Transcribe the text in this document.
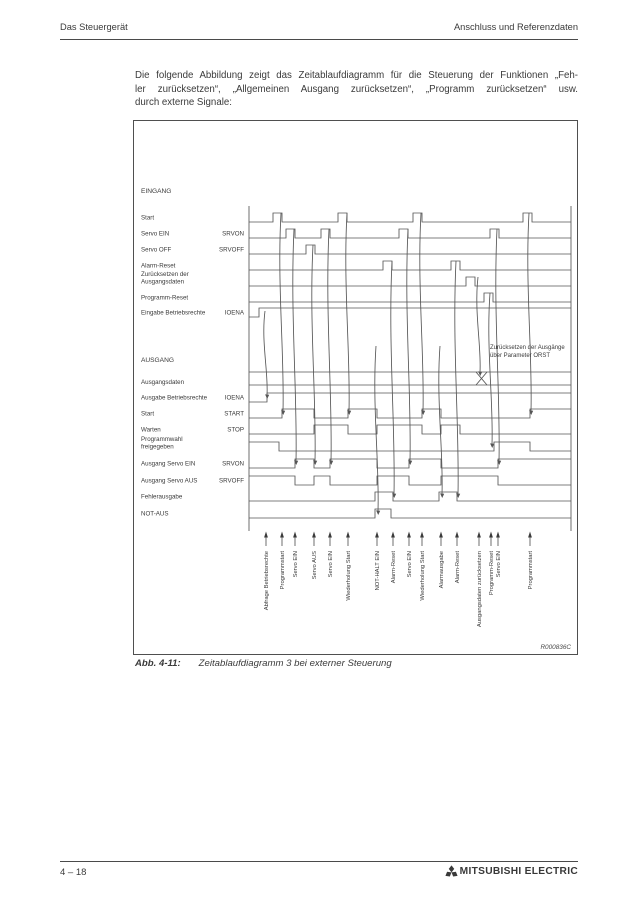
Das Steuergerät	Anschluss und Referenzdaten
Die folgende Abbildung zeigt das Zeitablaufdiagramm für die Steuerung der Funktionen „Feh-
ler zurücksetzen“, „Allgemeinen Ausgang zurücksetzen“, „Programm zurücksetzen“ usw.
durch externe Signale:
EINGANG
AUSGANG
Start
Servo EIN	SRVON
Servo OFF	SRVOFF
Alarm-Reset
Zurücksetzen der
Ausgangsdaten
Programm-Reset
Eingabe Betriebsrechte	IOENA
Ausgabe Betriebsrechte	IOENA
Start	START
Warten	STOP
Programmwahl
freigegeben
Ausgang Servo EIN	SRVON
Ausgang Servo AUS	SRVOFF
Fehlerausgabe
NOT-AUS
Ausgangsdaten
Abfrage Betriebsrechte Programmstart Servo EIN Servo AUS Servo EIN Wiederholung Start	NOT-HALT EIN Alarm-Reset Servo EIN Wiederholung Start Alarmausgabe Alarm-Reset	Ausgangsdaten zurücksetzen Programm-Reset Servo EIN	Programmstart
Zurücksetzen der Ausgänge
über Parameter ORST
R000836C
Abb. 4-11: Zeitablaufdiagramm 3 bei externer Steuerung
4 – 18	MITSUBISHI ELECTRIC
